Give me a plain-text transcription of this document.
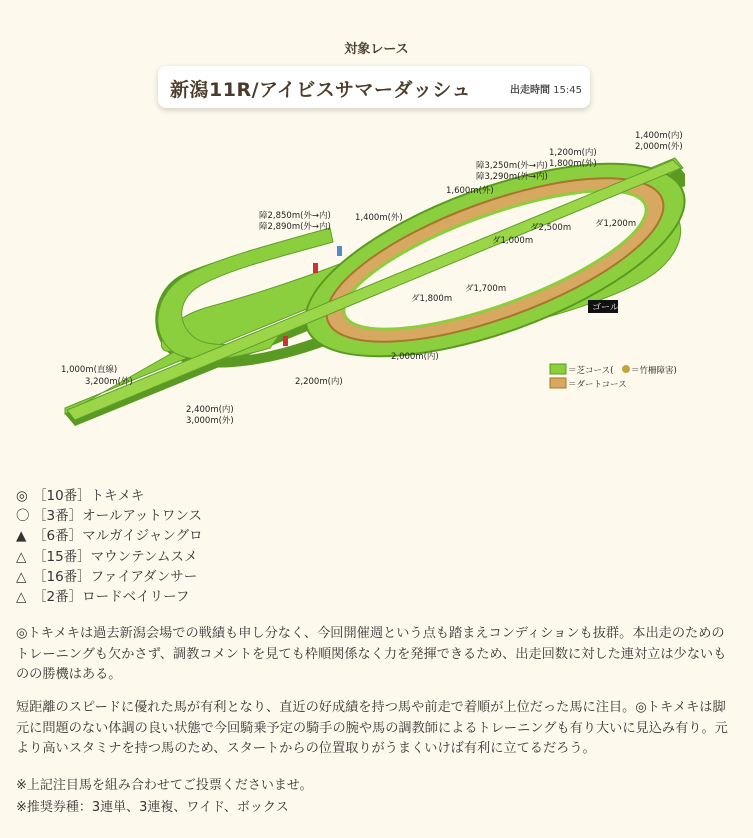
対象レース
新潟11R/アイビスサマーダッシュ	出走時間 15:45
1,400m(内)
2,000m(外)
1,200m(内)
1,800m(外)
障3,250m(外→内)
障3,290m(外→内)
1,600m(外)
1,400m(外)
障2,850m(外→内)
障2,890m(外→内)	ダ1,200m
ダ2,500m
ダ1,000m
ダ1,700m
ダ1,800m
2,000m(内)
ゴール
1,000m(直線)
3,200m(外)	2,200m(内)
2,400m(内)
3,000m(外)
＝芝コース( ＝竹柵障害)
＝ダートコース
◎ ［10番］トキメキ
〇 ［3番］オールアットワンス
▲ ［6番］マルガイジャングロ
△ ［15番］マウンテンムスメ
△ ［16番］ファイアダンサー
△ ［2番］ロードベイリーフ
◎トキメキは過去新潟会場での戦績も申し分なく、今回開催週という点も踏まえコンディションも抜群。本出走のためのトレーニングも欠かさず、調教コメントを見ても枠順関係なく力を発揮できるため、出走回数に対した連対立は少ないものの勝機はある。
短距離のスピードに優れた馬が有利となり、直近の好成績を持つ馬や前走で着順が上位だった馬に注目。◎トキメキは脚元に問題のない体調の良い状態で今回騎乗予定の騎手の腕や馬の調教師によるトレーニングも有り大いに見込み有り。元より高いスタミナを持つ馬のため、スタートからの位置取りがうまくいけば有利に立てるだろう。
※上記注目馬を組み合わせてご投票くださいませ。
※推奨券種：3連単、3連複、ワイド、ボックス
